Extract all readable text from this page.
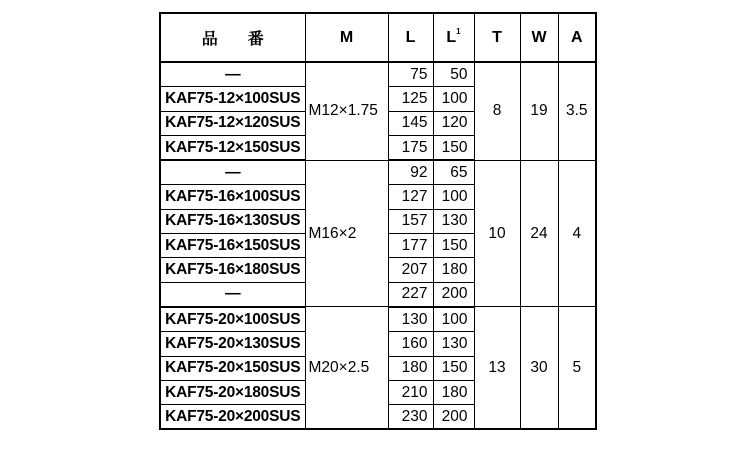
品 番	M	L	$L_1$	T	W	A
—	M12×1.75	75	50	8	19	3.5
KAF75-12×100SUS		125	100			
KAF75-12×120SUS		145	120			
KAF75-12×150SUS		175	150			
—	M16×2	92	65	10	24	4
KAF75-16×100SUS		127	100			
KAF75-16×130SUS		157	130			
KAF75-16×150SUS		177	150			
KAF75-16×180SUS		207	180			
—		227	200			
KAF75-20×100SUS	M20×2.5	130	100	13	30	5
KAF75-20×130SUS		160	130			
KAF75-20×150SUS		180	150			
KAF75-20×180SUS		210	180			
KAF75-20×200SUS		230	200			
